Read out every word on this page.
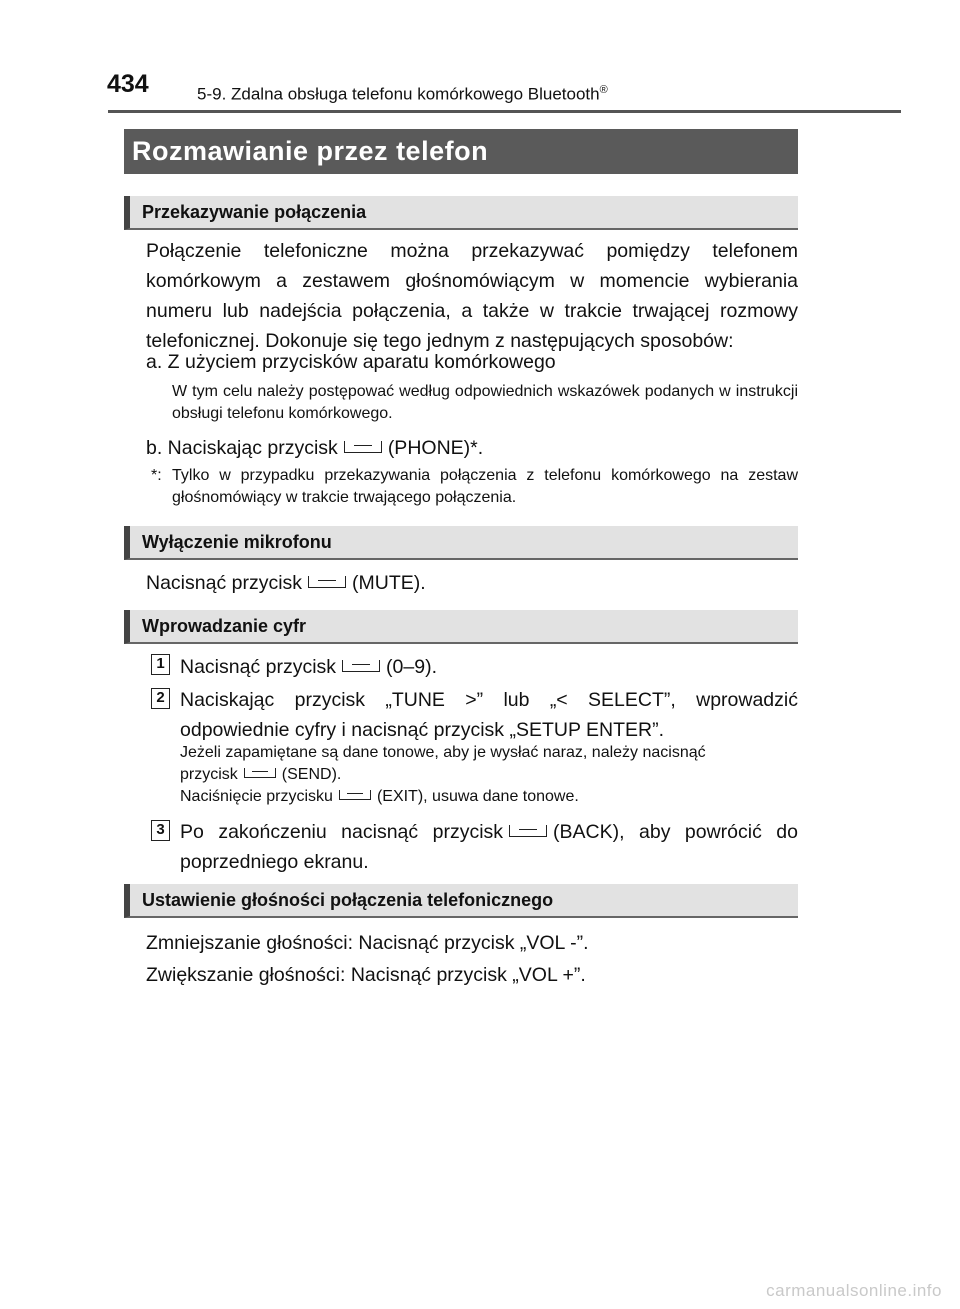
434	5-9. Zdalna obsługa telefonu komórkowego Bluetooth®
Rozmawianie przez telefon
Przekazywanie połączenia
Połączenie telefoniczne można przekazywać pomiędzy telefonem komórkowym a zestawem głośnomówiącym w momencie wybierania numeru lub nadejścia połączenia, a także w trakcie trwającej rozmowy telefonicznej. Dokonuje się tego jednym z następujących sposobów:
a. Z użyciem przycisków aparatu komórkowego
W tym celu należy postępować według odpowiednich wskazówek podanych w instrukcji obsługi telefonu komórkowego.
b. Naciskając przycisk	(PHONE)*.
*: Tylko w przypadku przekazywania połączenia z telefonu komórkowego na zestaw głośnomówiący w trakcie trwającego połączenia.
Wyłączenie mikrofonu
Nacisnąć przycisk	(MUTE).
Wprowadzanie cyfr
1 Nacisnąć przycisk	(0–9).
2 Naciskając przycisk „TUNE >” lub „< SELECT”, wprowadzić odpowiednie cyfry i nacisnąć przycisk „SETUP ENTER”.
Jeżeli zapamiętane są dane tonowe, aby je wysłać naraz, należy nacisnąć
przycisk	(SEND).
Naciśnięcie przycisku	(EXIT), usuwa dane tonowe.
3 Po zakończeniu nacisnąć przycisk	(BACK), aby powrócić do poprzedniego ekranu.
Ustawienie głośności połączenia telefonicznego
Zmniejszanie głośności: Nacisnąć przycisk „VOL -”.
Zwiększanie głośności: Nacisnąć przycisk „VOL +”.
carmanualsonline.info
